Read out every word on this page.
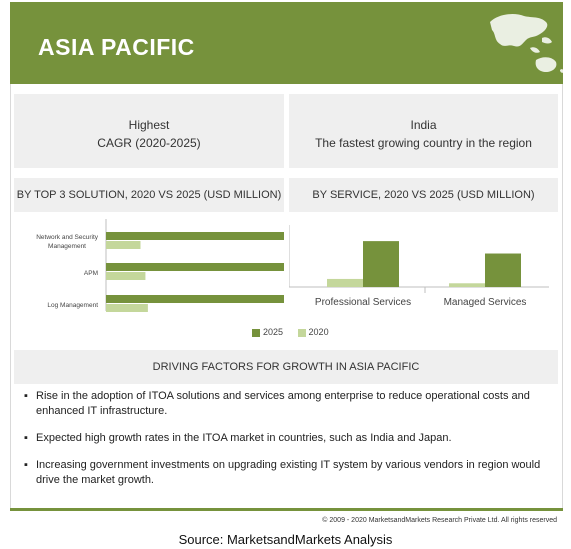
ASIA PACIFIC
Highest
CAGR (2020-2025)
India
The fastest growing country in the region
BY TOP 3 SOLUTION, 2020 VS 2025 (USD MILLION)	BY SERVICE, 2020 VS 2025 (USD MILLION)
Network and Security Management
APM
Log Management	Professional Services	Managed Services
2025	2020
DRIVING FACTORS FOR GROWTH IN ASIA PACIFIC
▪ Rise in the adoption of ITOA solutions and services among enterprise to reduce operational costs and enhanced IT infrastructure.
▪ Expected high growth rates in the ITOA market in countries, such as India and Japan.
▪ Increasing government investments on upgrading existing IT system by various vendors in region would drive the market growth.
© 2009 - 2020 MarketsandMarkets Research Private Ltd. All rights reserved
Source: MarketsandMarkets Analysis
